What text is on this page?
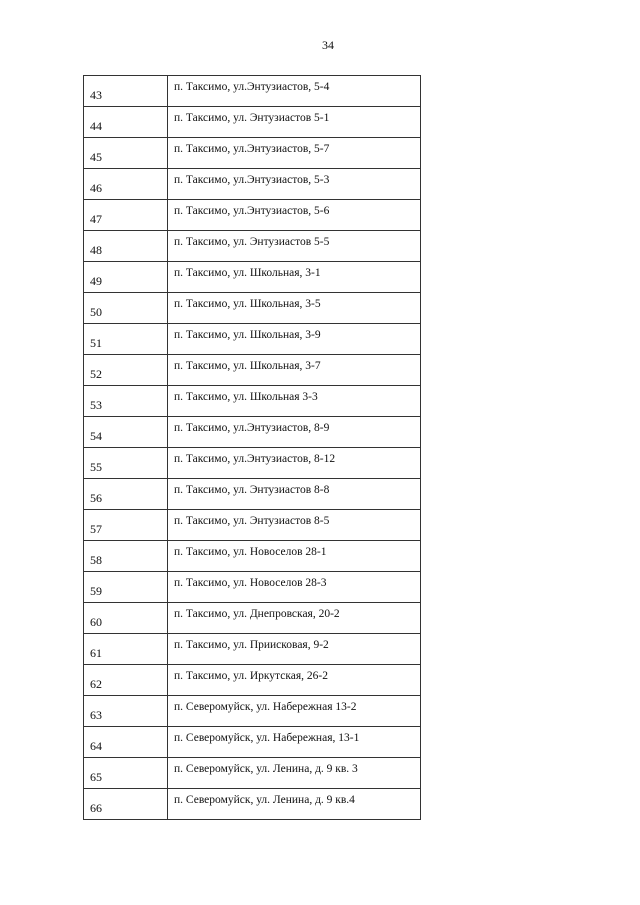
34
43
п. Таксимо, ул.Энтузиастов, 5-4
44
п. Таксимо, ул. Энтузиастов 5-1
45
п. Таксимо, ул.Энтузиастов, 5-7
46
п. Таксимо, ул.Энтузиастов, 5-3
47
п. Таксимо, ул.Энтузиастов, 5-6
48
п. Таксимо, ул. Энтузиастов 5-5
49
п. Таксимо, ул. Школьная, 3-1
50
п. Таксимо, ул. Школьная, 3-5
51
п. Таксимо, ул. Школьная, 3-9
52
п. Таксимо, ул. Школьная, 3-7
53
п. Таксимо, ул. Школьная 3-3
54
п. Таксимо, ул.Энтузиастов, 8-9
55
п. Таксимо, ул.Энтузиастов, 8-12
56
п. Таксимо, ул. Энтузиастов 8-8
57
п. Таксимо, ул. Энтузиастов 8-5
58
п. Таксимо, ул. Новоселов 28-1
59
п. Таксимо, ул. Новоселов 28-3
60
п. Таксимо, ул. Днепровская, 20-2
61
п. Таксимо, ул. Приисковая, 9-2
62
п. Таксимо, ул. Иркутская, 26-2
63
п. Северомуйск, ул. Набережная 13-2
64
п. Северомуйск, ул. Набережная, 13-1
65
п. Северомуйск, ул. Ленина, д. 9 кв. 3
66
п. Северомуйск, ул. Ленина, д. 9 кв.4
